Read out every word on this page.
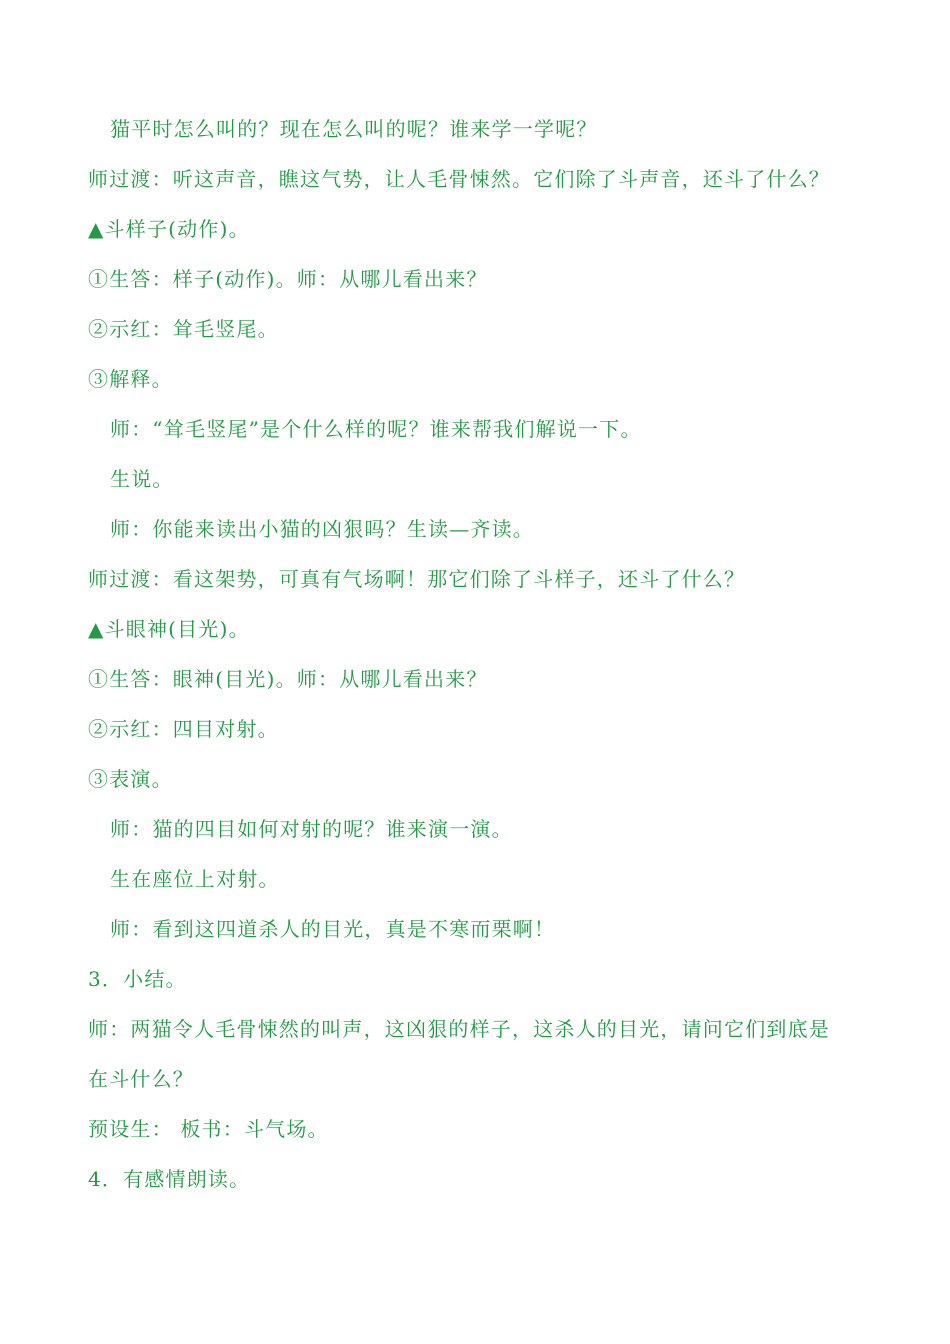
猫平时怎么叫的？现在怎么叫的呢？谁来学一学呢？
师过渡：听这声音，瞧这气势，让人毛骨悚然。它们除了斗声音，还斗了什么？
▲斗样子(动作)。
①生答：样子(动作)。师：从哪儿看出来？
②示红：耸毛竖尾。
③解释。
师：“耸毛竖尾”是个什么样的呢？谁来帮我们解说一下。
生说。
师：你能来读出小猫的凶狠吗？生读—齐读。
师过渡：看这架势，可真有气场啊！那它们除了斗样子，还斗了什么？
▲斗眼神(目光)。
①生答：眼神(目光)。师：从哪儿看出来？
②示红：四目对射。
③表演。
师：猫的四目如何对射的呢？谁来演一演。
生在座位上对射。
师：看到这四道杀人的目光，真是不寒而栗啊！
3．小结。
师：两猫令人毛骨悚然的叫声，这凶狠的样子，这杀人的目光，请问它们到底是
在斗什么？
预设生： 板书：斗气场。
4．有感情朗读。
